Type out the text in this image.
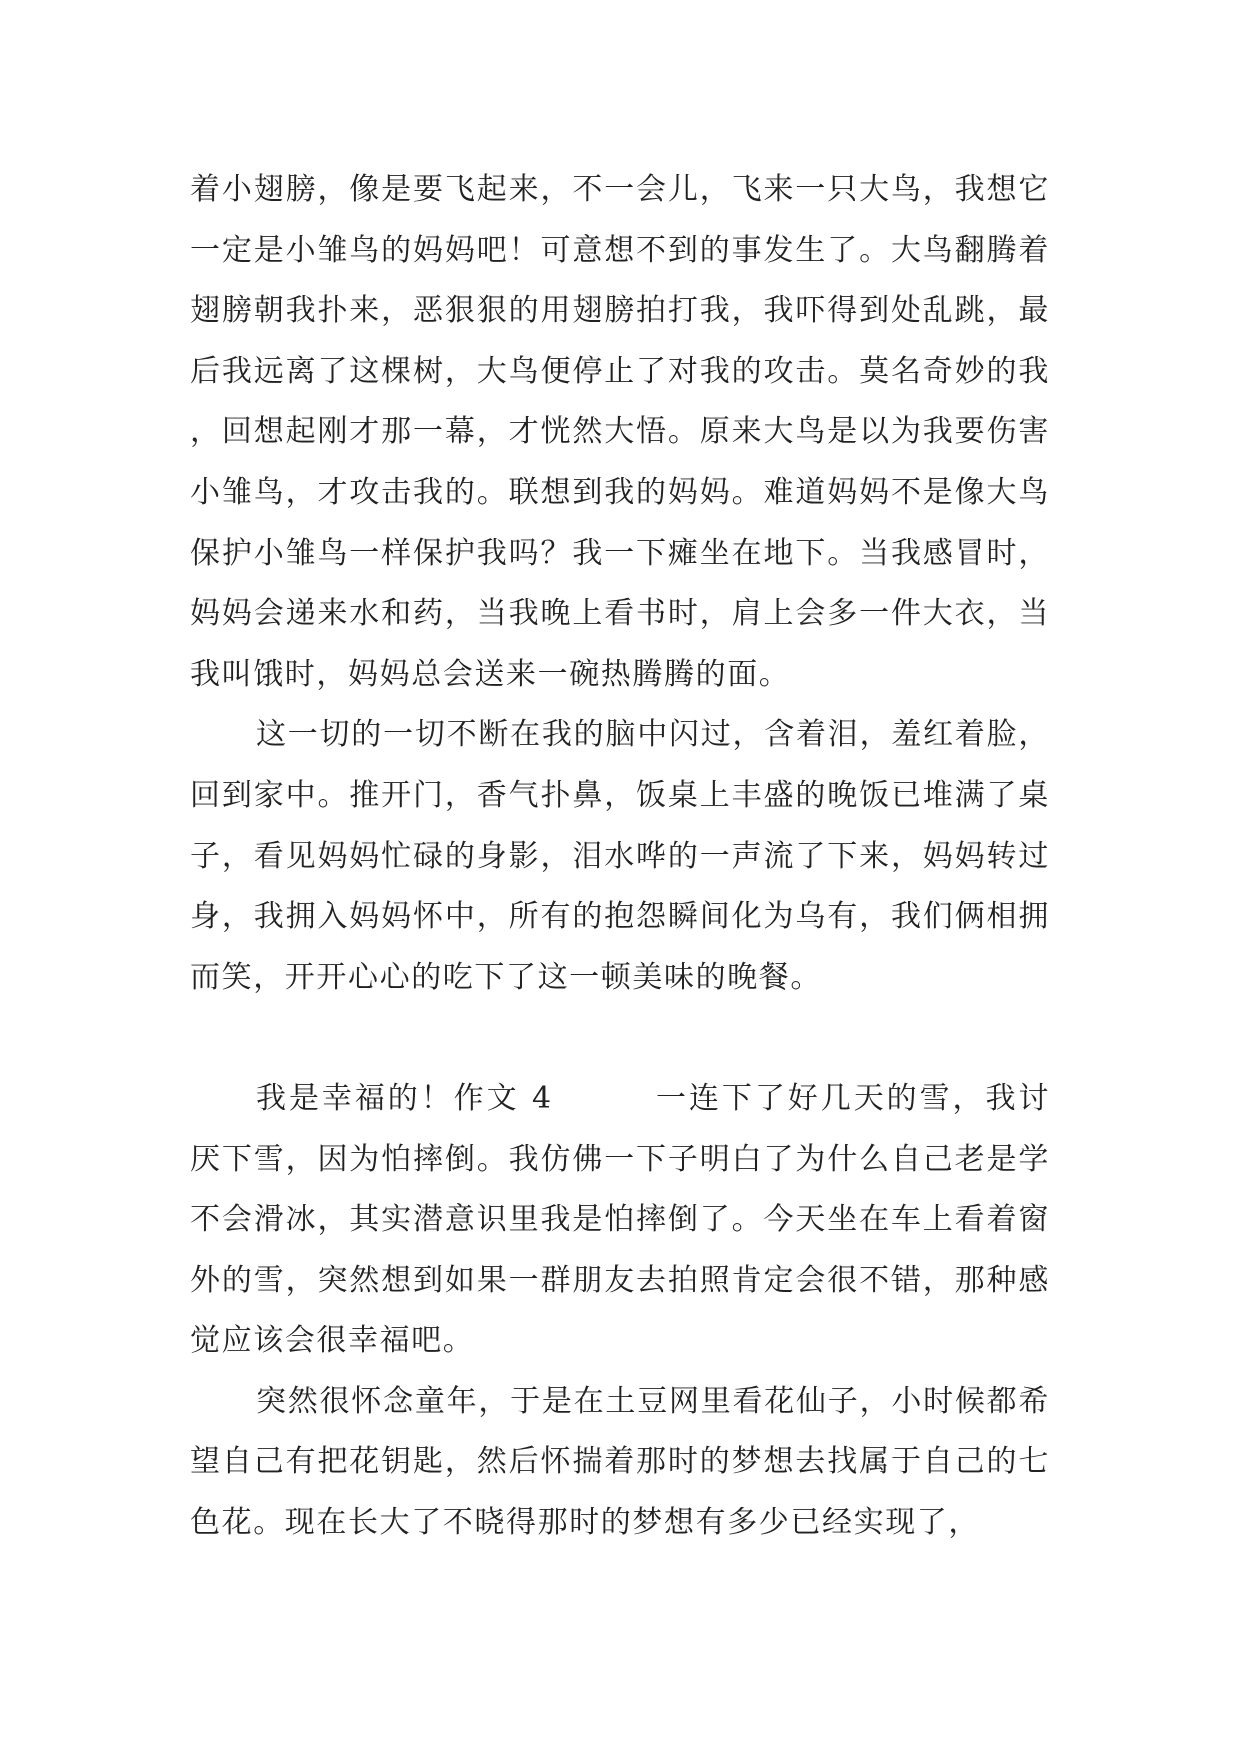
着小翅膀，像是要飞起来，不一会儿，飞来一只大鸟，我想它一定是小雏鸟的妈妈吧！可意想不到的事发生了。大鸟翻腾着翅膀朝我扑来，恶狠狠的用翅膀拍打我，我吓得到处乱跳，最后我远离了这棵树，大鸟便停止了对我的攻击。莫名奇妙的我，回想起刚才那一幕，才恍然大悟。原来大鸟是以为我要伤害小雏鸟，才攻击我的。联想到我的妈妈。难道妈妈不是像大鸟保护小雏鸟一样保护我吗？我一下瘫坐在地下。当我感冒时，妈妈会递来水和药，当我晚上看书时，肩上会多一件大衣，当我叫饿时，妈妈总会送来一碗热腾腾的面。

这一切的一切不断在我的脑中闪过，含着泪，羞红着脸，回到家中。推开门，香气扑鼻，饭桌上丰盛的晚饭已堆满了桌子，看见妈妈忙碌的身影，泪水哗的一声流了下来，妈妈转过身，我拥入妈妈怀中，所有的抱怨瞬间化为乌有，我们俩相拥而笑，开开心心的吃下了这一顿美味的晚餐。

我是幸福的！作文 4	一连下了好几天的雪，我讨厌下雪，因为怕摔倒。我仿佛一下子明白了为什么自己老是学不会滑冰，其实潜意识里我是怕摔倒了。今天坐在车上看着窗外的雪，突然想到如果一群朋友去拍照肯定会很不错，那种感觉应该会很幸福吧。

突然很怀念童年，于是在土豆网里看花仙子，小时候都希望自己有把花钥匙，然后怀揣着那时的梦想去找属于自己的七色花。现在长大了不晓得那时的梦想有多少已经实现了，
